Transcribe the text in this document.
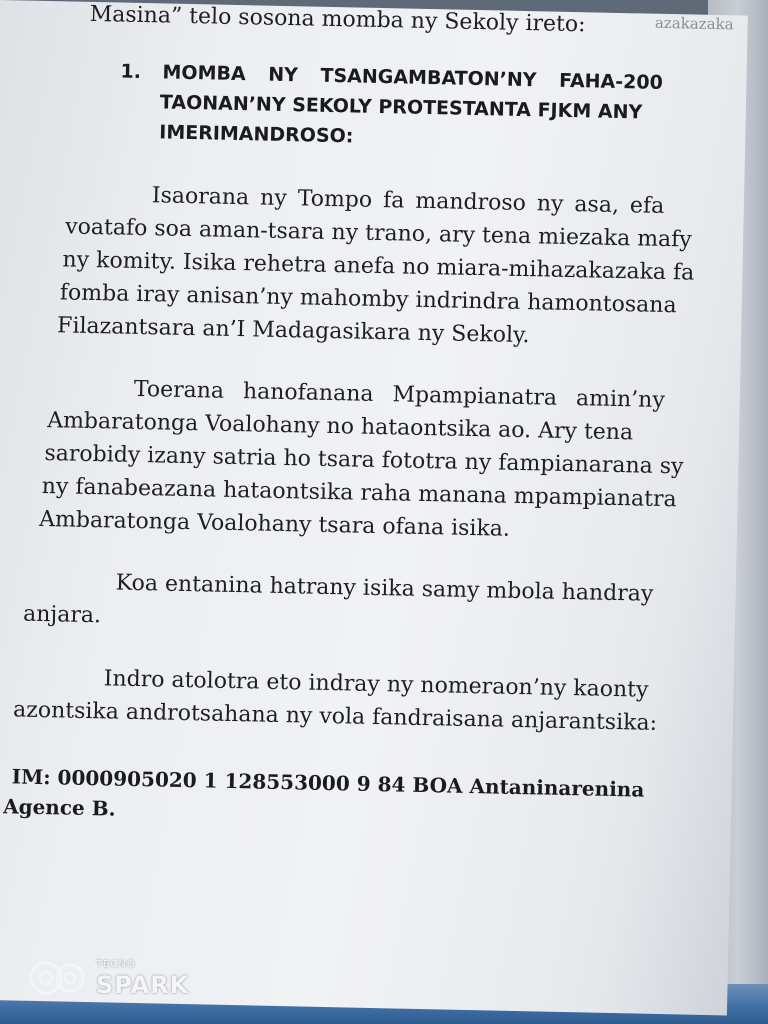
azakazaka
Masina” telo sosona momba ny Sekoly ireto:
1. MOMBA NY TSANGAMBATON’NY FAHA-200
TAONAN’NY SEKOLY PROTESTANTA FJKM ANY
IMERIMANDROSO:
Isaorana ny Tompo fa mandroso ny asa, efa
voatafo soa aman-tsara ny trano, ary tena miezaka mafy
ny komity. Isika rehetra anefa no miara-mihazakazaka fa
fomba iray anisan’ny mahomby indrindra hamontosana
Filazantsara an’I Madagasikara ny Sekoly.
Toerana hanofanana Mpampianatra amin’ny
Ambaratonga Voalohany no hataontsika ao. Ary tena
sarobidy izany satria ho tsara fototra ny fampianarana sy
ny fanabeazana hataontsika raha manana mpampianatra
Ambaratonga Voalohany tsara ofana isika.
Koa entanina hatrany isika samy mbola handray
anjara.
Indro atolotra eto indray ny nomeraon’ny kaonty
azontsika androtsahana ny vola fandraisana anjarantsika:
IM: 0000905020 1 128553000 9 84 BOA Antaninarenina
Agence B.
TECNO
SPARK
